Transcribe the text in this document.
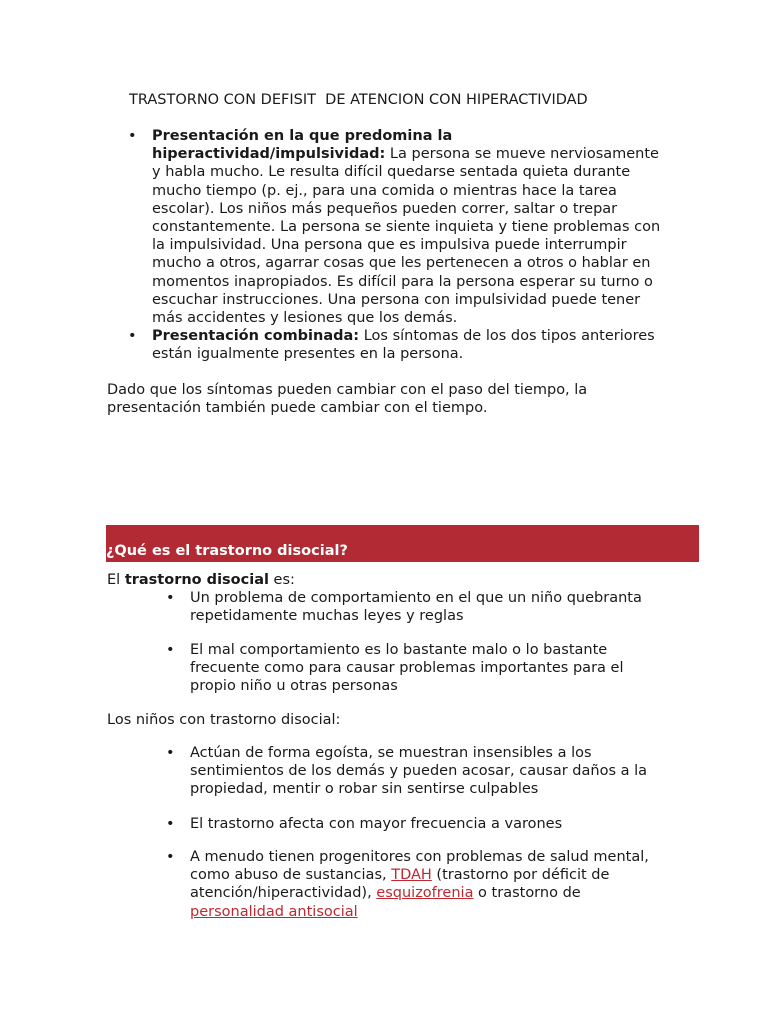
TRASTORNO CON DEFISIT  DE ATENCION CON HIPERACTIVIDAD
• Presentación en la que predomina la hiperactividad/impulsividad: La persona se mueve nerviosamente y habla mucho. Le resulta difícil quedarse sentada quieta durante mucho tiempo (p. ej., para una comida o mientras hace la tarea escolar). Los niños más pequeños pueden correr, saltar o trepar constantemente. La persona se siente inquieta y tiene problemas con la impulsividad. Una persona que es impulsiva puede interrumpir mucho a otros, agarrar cosas que les pertenecen a otros o hablar en momentos inapropiados. Es difícil para la persona esperar su turno o escuchar instrucciones. Una persona con impulsividad puede tener más accidentes y lesiones que los demás.
• Presentación combinada: Los síntomas de los dos tipos anteriores están igualmente presentes en la persona.

Dado que los síntomas pueden cambiar con el paso del tiempo, la presentación también puede cambiar con el tiempo.

¿Qué es el trastorno disocial?

El trastorno disocial es:

• Un problema de comportamiento en el que un niño quebranta repetidamente muchas leyes y reglas
• El mal comportamiento es lo bastante malo o lo bastante frecuente como para causar problemas importantes para el propio niño u otras personas

Los niños con trastorno disocial:

• Actúan de forma egoísta, se muestran insensibles a los sentimientos de los demás y pueden acosar, causar daños a la propiedad, mentir o robar sin sentirse culpables
• El trastorno afecta con mayor frecuencia a varones
• A menudo tienen progenitores con problemas de salud mental, como abuso de sustancias, TDAH (trastorno por déficit de atención/hiperactividad), esquizofrenia o trastorno de personalidad antisocial
